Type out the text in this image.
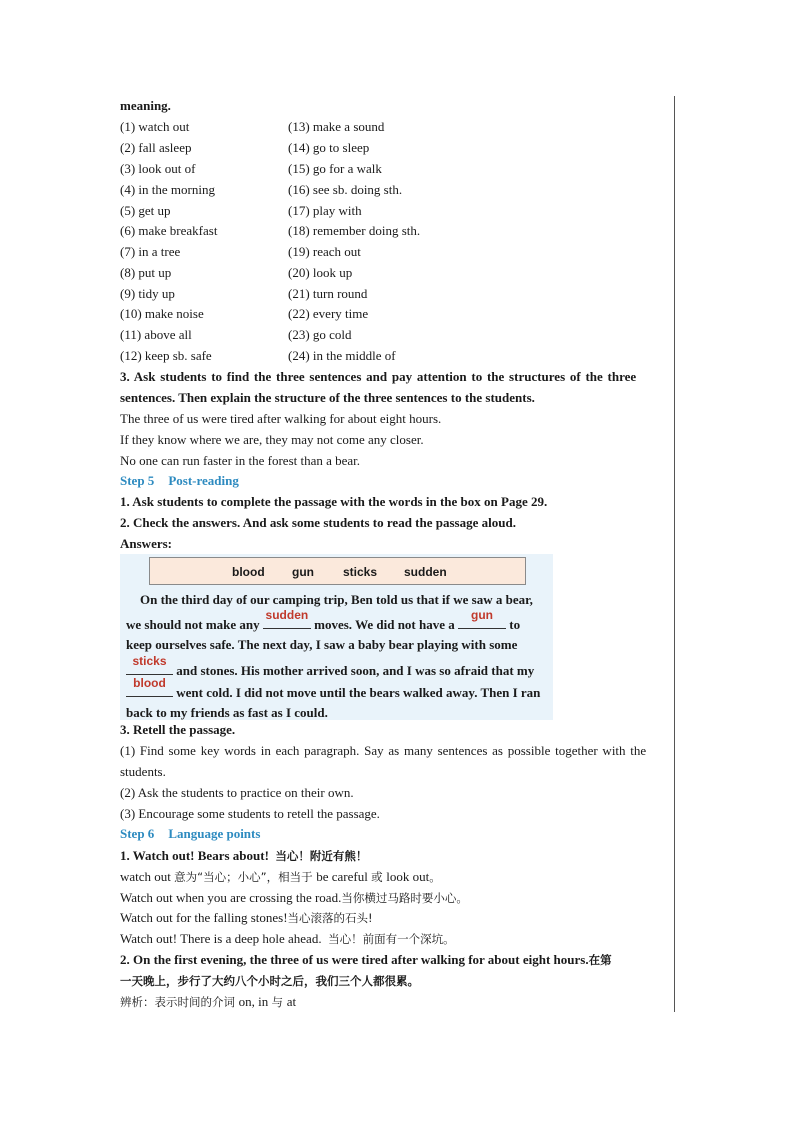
meaning.
(1) watch out	(13) make a sound
(2) fall asleep	(14) go to sleep
(3) look out of	(15) go for a walk
(4) in the morning	(16) see sb. doing sth.
(5) get up	(17) play with
(6) make breakfast	(18) remember doing sth.
(7) in a tree	(19) reach out
(8) put up	(20) look up
(9) tidy up	(21) turn round
(10) make noise	(22) every time
(11) above all	(23) go cold
(12) keep sb. safe	(24) in the middle of
3. Ask students to find the three sentences and pay attention to the structures of the three
sentences. Then explain the structure of the three sentences to the students.
The three of us were tired after walking for about eight hours.
If they know where we are, they may not come any closer.
No one can run faster in the forest than a bear.
Step 5 Post-reading
1. Ask students to complete the passage with the words in the box on Page 29.
2. Check the answers. And ask some students to read the passage aloud.
Answers:
blood gun sticks sudden
On the third day of our camping trip, Ben told us that if we saw a bear,
we should not make any
sudden
moves. We did not have a
gun
to
keep ourselves safe. The next day, I saw a baby bear playing with some
sticks
and stones. His mother arrived soon, and I was so afraid that my
blood
went cold. I did not move until the bears walked away. Then I ran
back to my friends as fast as I could.
3. Retell the passage.
(1) Find some key words in each paragraph. Say as many sentences as possible together with the
students.
(2) Ask the students to practice on their own.
(3) Encourage some students to retell the passage.
Step 6 Language points
1. Watch out! Bears about! 当心！附近有熊！
watch out 意为“当心；小心”，相当于 be careful 或 look out。
Watch out when you are crossing the road.当你横过马路时要小心。
Watch out for the falling stones!当心滚落的石头!
Watch out! There is a deep hole ahead. 当心！前面有一个深坑。
2. On the first evening, the three of us were tired after walking for about eight hours.在第
一天晚上，步行了大约八个小时之后，我们三个人都很累。
辨析：表示时间的介词 on, in 与 at
